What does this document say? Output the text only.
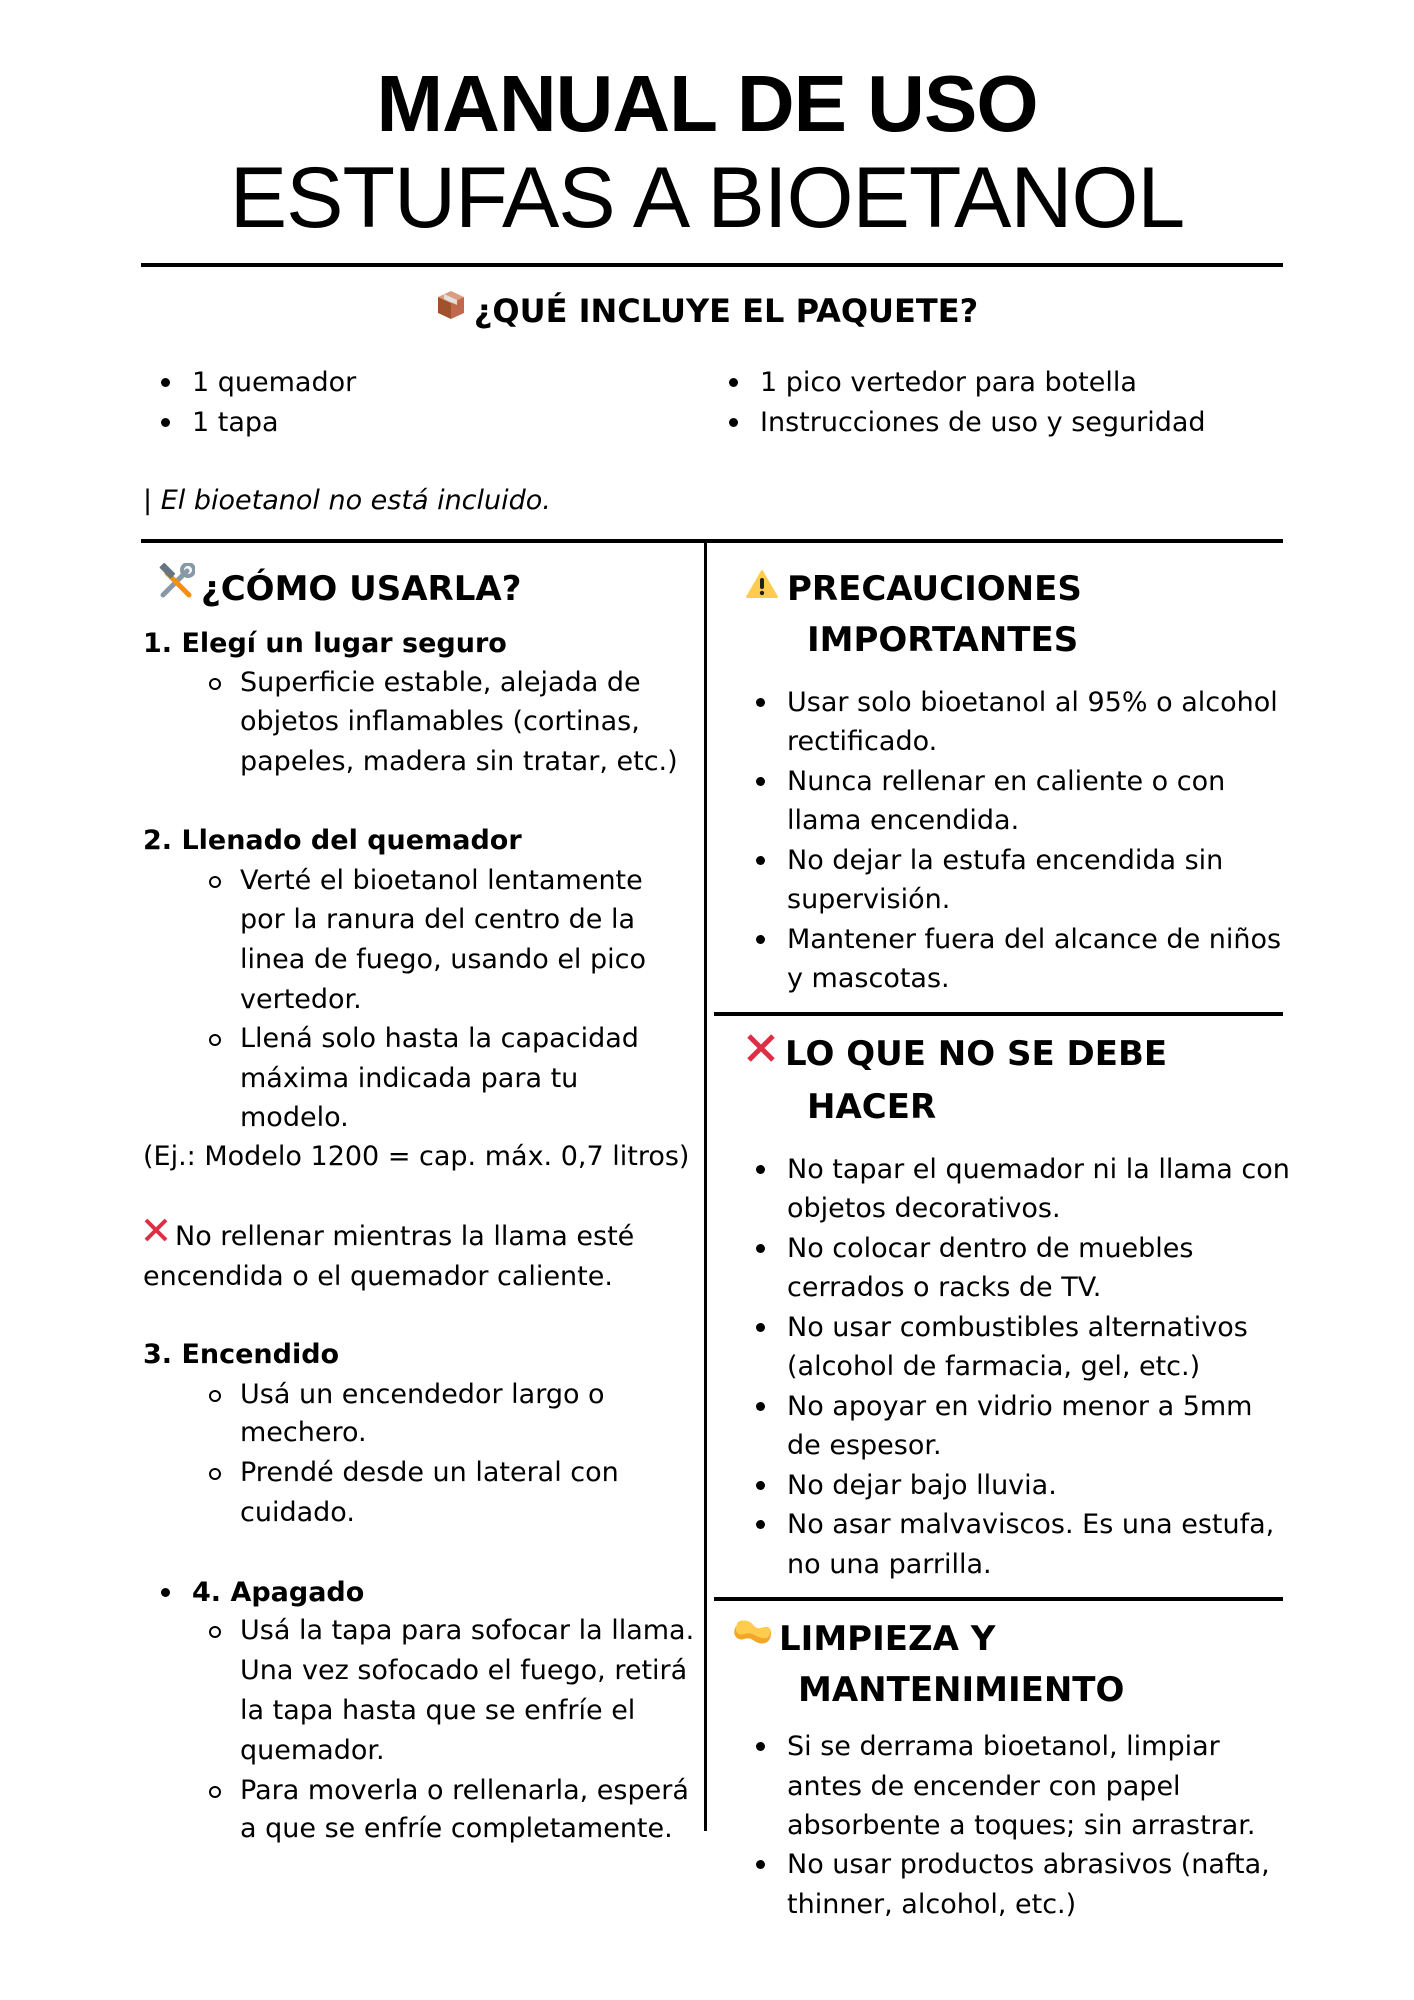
MANUAL DE USO
ESTUFAS A BIOETANOL
¿QUÉ INCLUYE EL PAQUETE?
1 quemador
1 tapa
1 pico vertedor para botella
Instrucciones de uso y seguridad
| El bioetanol no está incluido.
¿CÓMO USARLA?
1. Elegí un lugar seguro
Superficie estable, alejada de
objetos inflamables (cortinas,
papeles, madera sin tratar, etc.)
2. Llenado del quemador
Verté el bioetanol lentamente
por la ranura del centro de la
linea de fuego, usando el pico
vertedor.
Llená solo hasta la capacidad
máxima indicada para tu
modelo.
(Ej.: Modelo 1200 = cap. máx. 0,7 litros)
No rellenar mientras la llama esté
encendida o el quemador caliente.
3. Encendido
Usá un encendedor largo o
mechero.
Prendé desde un lateral con
cuidado.
4. Apagado
Usá la tapa para sofocar la llama.
Una vez sofocado el fuego, retirá
la tapa hasta que se enfríe el
quemador.
Para moverla o rellenarla, esperá
a que se enfríe completamente.
PRECAUCIONES
IMPORTANTES
Usar solo bioetanol al 95% o alcohol
rectificado.
Nunca rellenar en caliente o con
llama encendida.
No dejar la estufa encendida sin
supervisión.
Mantener fuera del alcance de niños
y mascotas.
LO QUE NO SE DEBE
HACER
No tapar el quemador ni la llama con
objetos decorativos.
No colocar dentro de muebles
cerrados o racks de TV.
No usar combustibles alternativos
(alcohol de farmacia, gel, etc.)
No apoyar en vidrio menor a 5mm
de espesor.
No dejar bajo lluvia.
No asar malvaviscos. Es una estufa,
no una parrilla.
LIMPIEZA Y
MANTENIMIENTO
Si se derrama bioetanol, limpiar
antes de encender con papel
absorbente a toques; sin arrastrar.
No usar productos abrasivos (nafta,
thinner, alcohol, etc.)
